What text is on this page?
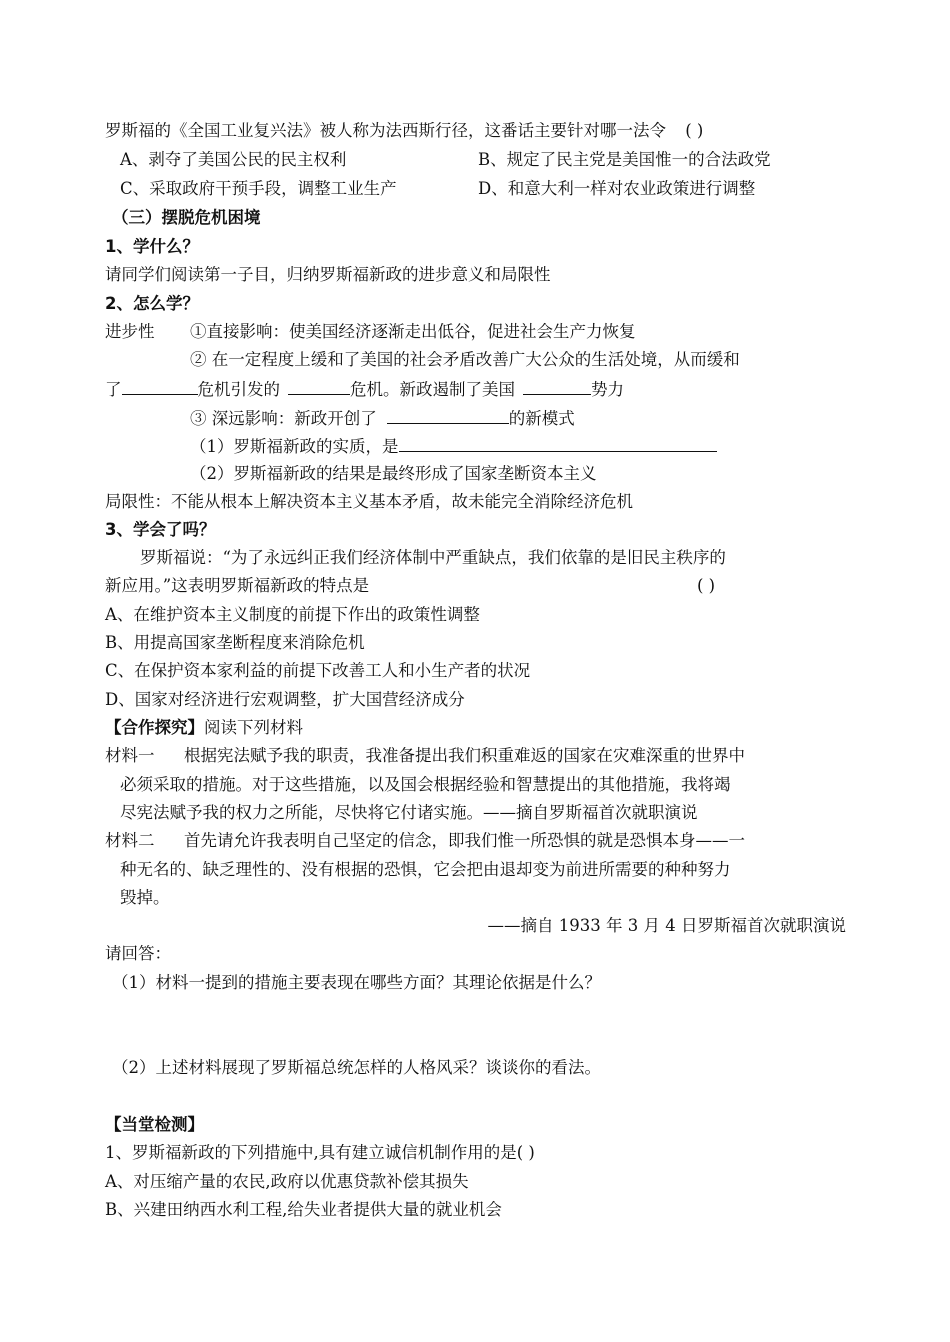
罗斯福的《全国工业复兴法》被人称为法西斯行径，这番话主要针对哪一法令 ( )
A、剥夺了美国公民的民主权利	B、规定了民主党是美国惟一的合法政党
C、采取政府干预手段，调整工业生产	D、和意大利一样对农业政策进行调整
（三）摆脱危机困境
1、学什么？
请同学们阅读第一子目，归纳罗斯福新政的进步意义和局限性
2、怎么学？
进步性 ①直接影响：使美国经济逐渐走出低谷，促进社会生产力恢复
② 在一定程度上缓和了美国的社会矛盾改善广大公众的生活处境，从而缓和
了	危机引发的	危机。新政遏制了美国	势力
③ 深远影响：新政开创了	的新模式
（1）罗斯福新政的实质，是
（2）罗斯福新政的结果是最终形成了国家垄断资本主义
局限性：不能从根本上解决资本主义基本矛盾，故未能完全消除经济危机
3、学会了吗？
罗斯福说：“为了永远纠正我们经济体制中严重缺点，我们依靠的是旧民主秩序的
新应用。”这表明罗斯福新政的特点是	( )
A、在维护资本主义制度的前提下作出的政策性调整
B、用提高国家垄断程度来消除危机
C、在保护资本家利益的前提下改善工人和小生产者的状况
D、国家对经济进行宏观调整，扩大国营经济成分
【合作探究】阅读下列材料
材料一 根据宪法赋予我的职责，我准备提出我们积重难返的国家在灾难深重的世界中
必须采取的措施。对于这些措施，以及国会根据经验和智慧提出的其他措施，我将竭
尽宪法赋予我的权力之所能，尽快将它付诸实施。——摘自罗斯福首次就职演说
材料二 首先请允许我表明自己坚定的信念，即我们惟一所恐惧的就是恐惧本身——一
种无名的、缺乏理性的、没有根据的恐惧，它会把由退却变为前进所需要的种种努力
毁掉。
——摘自 1933 年 3 月 4 日罗斯福首次就职演说
请回答：
（1）材料一提到的措施主要表现在哪些方面？其理论依据是什么？
（2）上述材料展现了罗斯福总统怎样的人格风采？谈谈你的看法。
【当堂检测】
1、罗斯福新政的下列措施中,具有建立诚信机制作用的是( )
A、对压缩产量的农民,政府以优惠贷款补偿其损失
B、兴建田纳西水利工程,给失业者提供大量的就业机会
